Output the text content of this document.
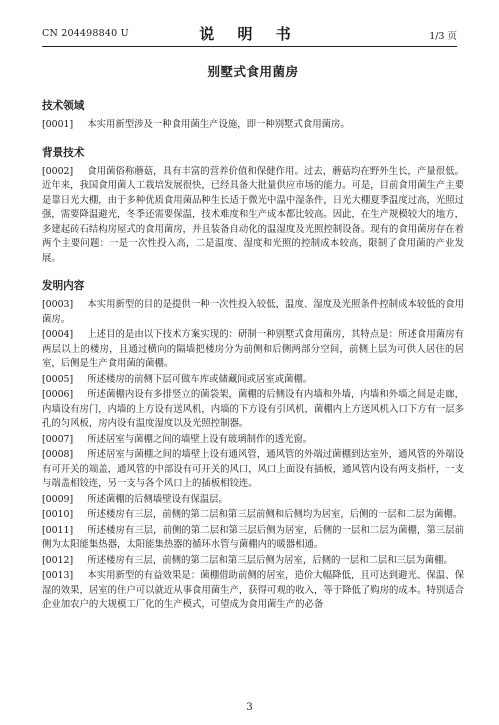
CN 204498840 U	说 明 书	1/3 页
别墅式食用菌房
技术领域

[0001] 本实用新型涉及一种食用菌生产设施，即一种别墅式食用菌房。

背景技术

[0002] 食用菌俗称蘑菇，具有丰富的营养价值和保健作用。过去，蘑菇均在野外生长，产量很低。近年来，我国食用菌人工栽培发展很快，已经具备大批量供应市场的能力。可是，目前食用菌生产主要是靠日光大棚，由于多种优质食用菌品种生长适于微光中温中湿条件，日光大棚夏季温度过高，光照过强，需要降温避光，冬季还需要保温，技术难度和生产成本都比较高。因此，在生产规模较大的地方，多建起砖石结构房屋式的食用菌房，并且装备自动化的温湿度及光照控制设备。现有的食用菌房存在着两个主要问题：一是一次性投入高，二是温度、湿度和光照的控制成本较高，限制了食用菌的产业发展。

发明内容

[0003] 本实用新型的目的是提供一种一次性投入较低，温度、湿度及光照条件控制成本较低的食用菌房。

[0004] 上述目的是由以下技术方案实现的：研制一种别墅式食用菌房，其特点是：所述食用菌房有两层以上的楼房，且通过横向的隔墙把楼房分为前侧和后侧两部分空间，前侧上层为可供人居住的居室，后侧是生产食用菌的菌棚。

[0005] 所述楼房的前侧下层可做车库或储藏间或居室或菌棚。

[0006] 所述菌棚内设有多排竖立的菌袋架，菌棚的后侧设有内墙和外墙，内墙和外墙之间是走廊，内墙设有房门，内墙的上方设有送风机，内墙的下方设有引风机，菌棚内上方送风机入口下方有一层多孔的匀风板，房内设有温度湿度以及光照控制器。

[0007] 所述居室与菌棚之间的墙壁上设有玻璃制作的透光窗。

[0008] 所述居室与菌棚之间的墙壁上设有通风管，通风管的外端过菌棚到达室外，通风管的外端设有可开关的端盖，通风管的中部设有可开关的风口，风口上面设有插板，通风管内设有两支指杆，一支与端盖相铰连，另一支与各个风口上的插板相铰连。

[0009] 所述菌棚的后侧墙壁设有保温层。

[0010] 所述楼房有三层，前侧的第二层和第三层前侧和后侧均为居室，后侧的一层和二层为菌棚。

[0011] 所述楼房有三层，前侧的第二层和第三层后侧为居室，后侧的一层和二层为菌棚，第三层前侧为太阳能集热器，太阳能集热器的循环水管与菌棚内的暖器相通。

[0012] 所述楼房有三层，前侧的第二层和第三层后侧为居室，后侧的一层和二层和三层为菌棚。

[0013] 本实用新型的有益效果是：菌棚借助前侧的居室，造价大幅降低，且可达到避光、保温、保湿的效果，居室的住户可以就近从事食用菌生产，获得可观的收入，等于降低了购房的成本。特别适合企业加农户的大规模工厂化的生产模式，可望成为食用菌生产的必备

3
